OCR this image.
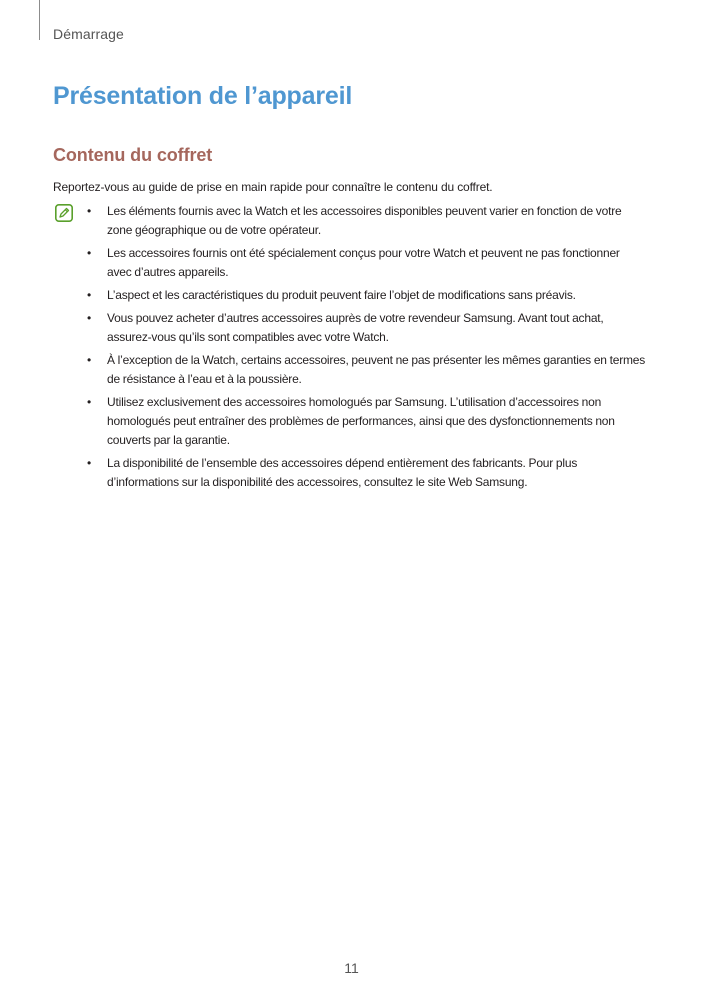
Démarrage
Présentation de l’appareil
Contenu du coffret

Reportez-vous au guide de prise en main rapide pour connaître le contenu du coffret.

• Les éléments fournis avec la Watch et les accessoires disponibles peuvent varier en fonction de votre zone géographique ou de votre opérateur.
• Les accessoires fournis ont été spécialement conçus pour votre Watch et peuvent ne pas fonctionner avec d’autres appareils.
• L’aspect et les caractéristiques du produit peuvent faire l’objet de modifications sans préavis.
• Vous pouvez acheter d’autres accessoires auprès de votre revendeur Samsung. Avant tout achat, assurez-vous qu’ils sont compatibles avec votre Watch.
• À l’exception de la Watch, certains accessoires, peuvent ne pas présenter les mêmes garanties en termes de résistance à l’eau et à la poussière.
• Utilisez exclusivement des accessoires homologués par Samsung. L’utilisation d’accessoires non homologués peut entraîner des problèmes de performances, ainsi que des dysfonctionnements non couverts par la garantie.
• La disponibilité de l’ensemble des accessoires dépend entièrement des fabricants. Pour plus d’informations sur la disponibilité des accessoires, consultez le site Web Samsung.
11
